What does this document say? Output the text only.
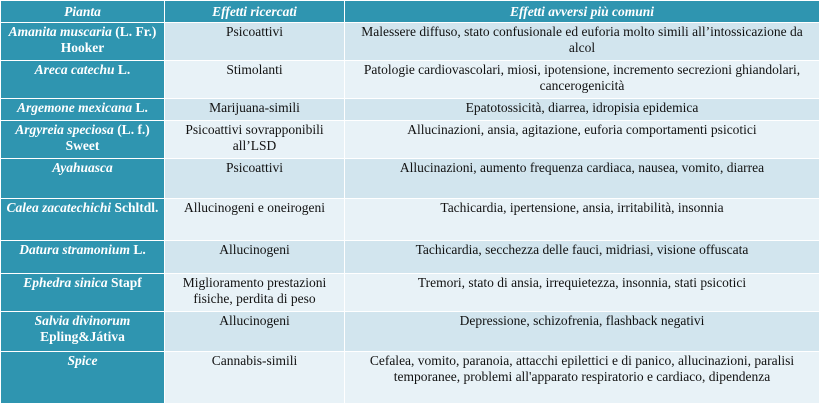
Pianta	Effetti ricercati	Effetti avversi più comuni
Amanita muscaria (L. Fr.) Hooker	Psicoattivi	Malessere diffuso, stato confusionale ed euforia molto simili all’intossicazione da alcol
Areca catechu L.	Stimolanti	Patologie cardiovascolari, miosi, ipotensione, incremento secrezioni ghiandolari, cancerogenicità
Argemone mexicana L.	Marijuana-simili	Epatotossicità, diarrea, idropisia epidemica
Argyreia speciosa (L. f.) Sweet	Psicoattivi sovrapponibili all’LSD	Allucinazioni, ansia, agitazione, euforia comportamenti psicotici
Ayahuasca	Psicoattivi	Allucinazioni, aumento frequenza cardiaca, nausea, vomito, diarrea
Calea zacatechichi Schltdl.	Allucinogeni e oneirogeni	Tachicardia, ipertensione, ansia, irritabilità, insonnia
Datura stramonium L.	Allucinogeni	Tachicardia, secchezza delle fauci, midriasi, visione offuscata
Ephedra sinica Stapf	Miglioramento prestazioni fisiche, perdita di peso	Tremori, stato di ansia, irrequietezza, insonnia, stati psicotici
Salvia divinorum Epling&Játiva	Allucinogeni	Depressione, schizofrenia, flashback negativi
Spice	Cannabis-simili	Cefalea, vomito, paranoia, attacchi epilettici e di panico, allucinazioni, paralisi temporanee, problemi all'apparato respiratorio e cardiaco, dipendenza
